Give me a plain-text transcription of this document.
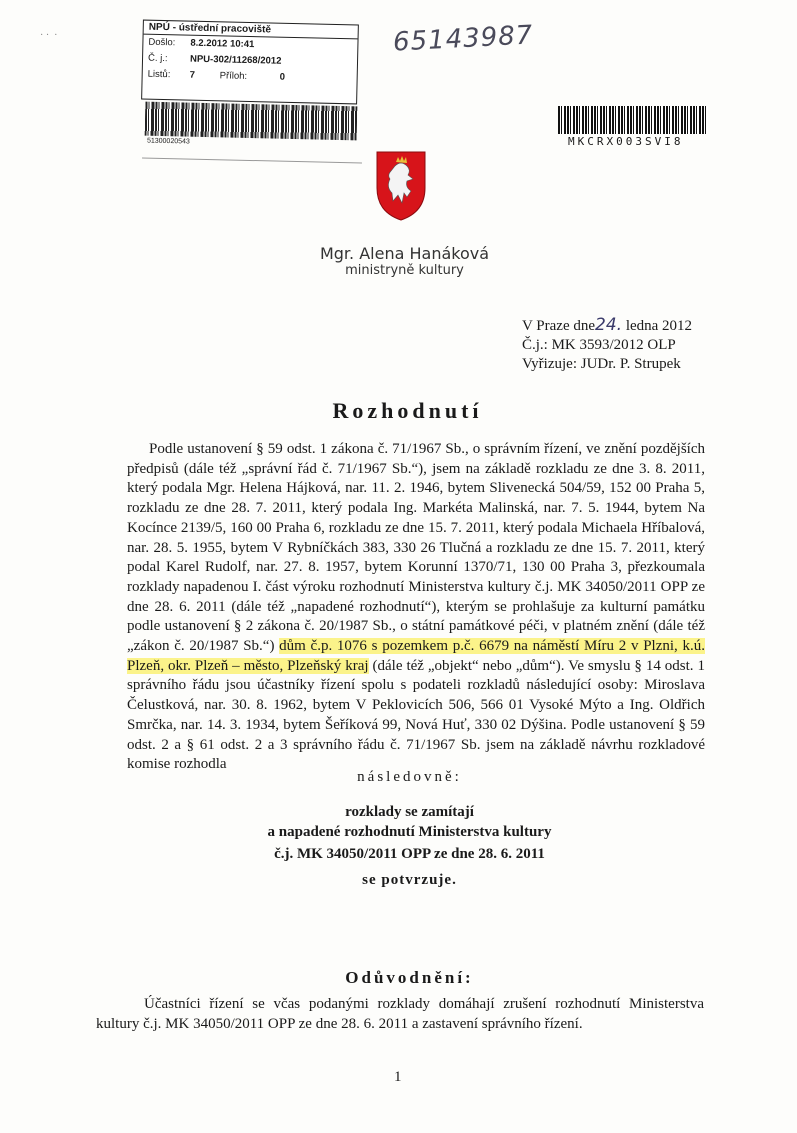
· ·  ·
NPÚ - ústřední pracoviště
Došlo:	8.2.2012 10:41
Č. j.:	NPU-302/11268/2012
Listů:	7	Příloh:	0
51300020543
65143987
MKCRX003SVI8
Mgr. Alena Hanáková
ministryně kultury
V Praze dne24. ledna 2012
Č.j.: MK 3593/2012 OLP
Vyřizuje: JUDr. P. Strupek
Rozhodnutí

Podle ustanovení § 59 odst. 1 zákona č. 71/1967 Sb., o správním řízení, ve znění pozdějších předpisů (dále též „správní řád č. 71/1967 Sb.“), jsem na základě rozkladu ze dne 3. 8. 2011, který podala Mgr. Helena Hájková, nar. 11. 2. 1946, bytem Slivenecká 504/59, 152 00 Praha 5, rozkladu ze dne 28. 7. 2011, který podala Ing. Markéta Malinská, nar. 7. 5. 1944, bytem Na Kocínce 2139/5, 160 00 Praha 6, rozkladu ze dne 15. 7. 2011, který podala Michaela Hříbalová, nar. 28. 5. 1955, bytem V Rybníčkách 383, 330 26 Tlučná a rozkladu ze dne 15. 7. 2011, který podal Karel Rudolf, nar. 27. 8. 1957, bytem Korunní 1370/71, 130 00 Praha 3, přezkoumala rozklady napadenou I. část výroku rozhodnutí Ministerstva kultury č.j. MK 34050/2011 OPP ze dne 28. 6. 2011 (dále též „napadené rozhodnutí“), kterým se prohlašuje za kulturní památku podle ustanovení § 2 zákona č. 20/1987 Sb., o státní památkové péči, v platném znění (dále též „zákon č. 20/1987 Sb.“) dům č.p. 1076 s pozemkem p.č. 6679 na náměstí Míru 2 v Plzni, k.ú. Plzeň, okr. Plzeň – město, Plzeňský kraj (dále též „objekt“ nebo „dům“). Ve smyslu § 14 odst. 1 správního řádu jsou účastníky řízení spolu s podateli rozkladů následující osoby: Miroslava Čelustková, nar. 30. 8. 1962, bytem V Peklovicích 506, 566 01 Vysoké Mýto a Ing. Oldřich Smrčka, nar. 14. 3. 1934, bytem Šeříková 99, Nová Huť, 330 02 Dýšina. Podle ustanovení § 59 odst. 2 a § 61 odst. 2 a 3 správního řádu č. 71/1967 Sb. jsem na základě návrhu rozkladové komise rozhodla

následovně:
rozklady se zamítají
a napadené rozhodnutí Ministerstva kultury
č.j. MK 34050/2011 OPP ze dne 28. 6. 2011
se potvrzuje.
Odůvodnění:

Účastníci řízení se včas podanými rozklady domáhají zrušení rozhodnutí Ministerstva kultury č.j. MK 34050/2011 OPP ze dne 28. 6. 2011 a zastavení správního řízení.

1
